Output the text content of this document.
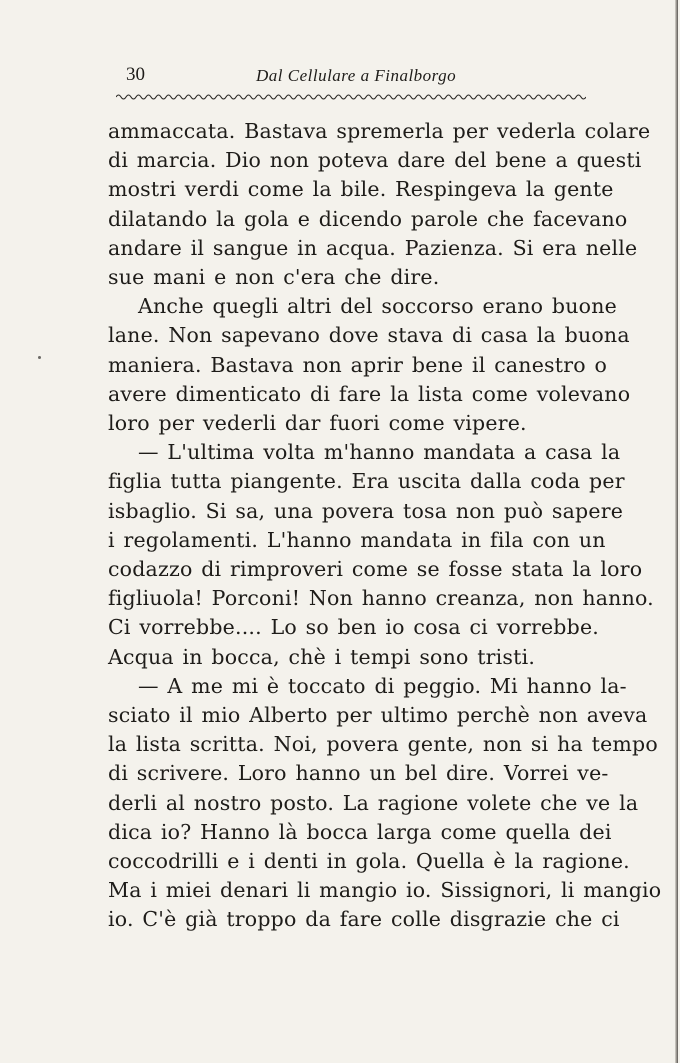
30	Dal Cellulare a Finalborgo

ammaccata. Bastava spremerla per vederla colare

di marcia. Dio non poteva dare del bene a questi

mostri verdi come la bile. Respingeva la gente

dilatando la gola e dicendo parole che facevano

andare il sangue in acqua. Pazienza. Si era nelle

sue mani e non c'era che dire.

Anche quegli altri del soccorso erano buone

lane. Non sapevano dove stava di casa la buona

maniera. Bastava non aprir bene il canestro o

avere dimenticato di fare la lista come volevano

loro per vederli dar fuori come vipere.

— L'ultima volta m'hanno mandata a casa la

figlia tutta piangente. Era uscita dalla coda per

isbaglio. Si sa, una povera tosa non può sapere

i regolamenti. L'hanno mandata in fila con un

codazzo di rimproveri come se fosse stata la loro

figliuola! Porconi! Non hanno creanza, non hanno.

Ci vorrebbe.... Lo so ben io cosa ci vorrebbe.

Acqua in bocca, chè i tempi sono tristi.

— A me mi è toccato di peggio. Mi hanno la-

sciato il mio Alberto per ultimo perchè non aveva

la lista scritta. Noi, povera gente, non si ha tempo

di scrivere. Loro hanno un bel dire. Vorrei ve-

derli al nostro posto. La ragione volete che ve la

dica io? Hanno là bocca larga come quella dei

coccodrilli e i denti in gola. Quella è la ragione.

Ma i miei denari li mangio io. Sissignori, li mangio

io. C'è già troppo da fare colle disgrazie che ci
